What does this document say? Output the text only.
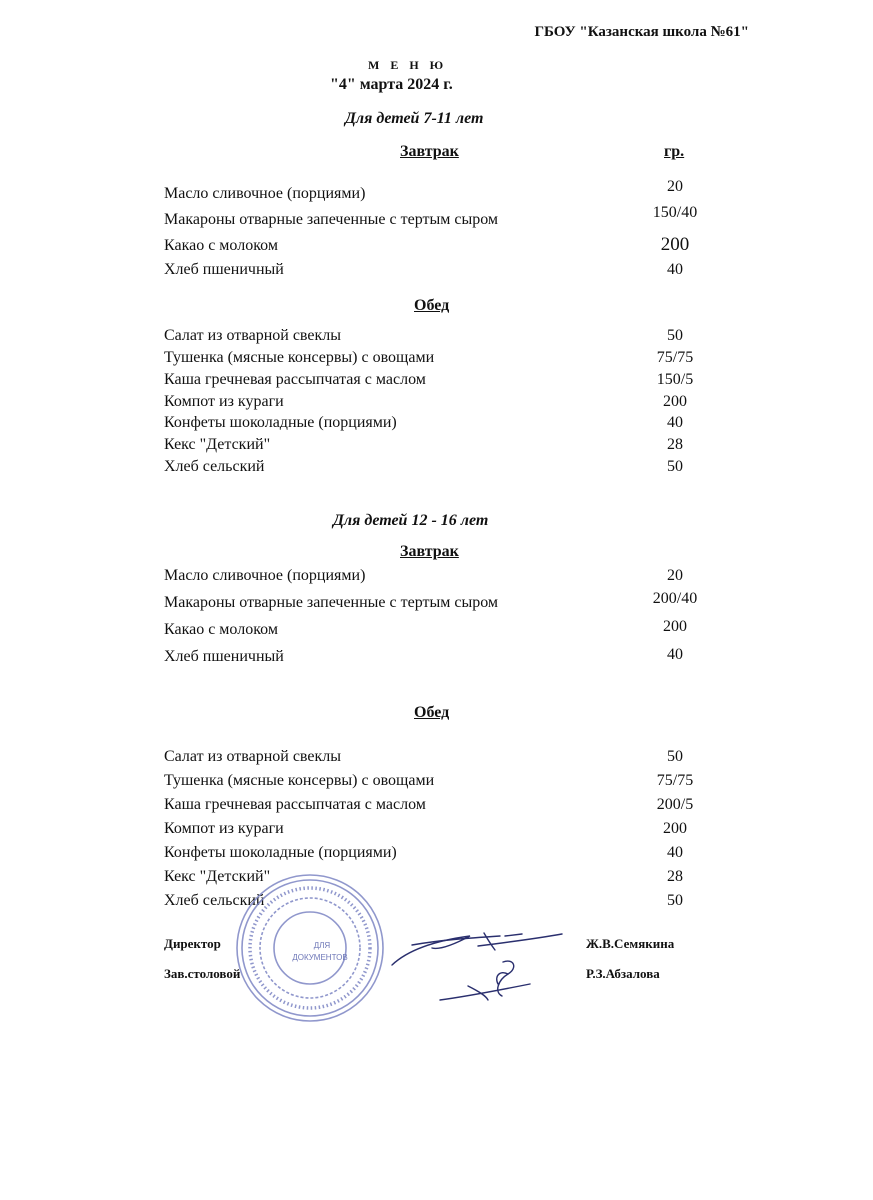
ГБОУ "Казанская школа №61"
М Е Н Ю
"4" марта 2024 г.
Для детей 7-11 лет
Завтрак	гр.
Масло сливочное (порциями)	20
Макароны отварные запеченные с тертым сыром	150/40
Какао с молоком	200
Хлеб пшеничный	40
Обед
Салат из отварной свеклы	50
Тушенка (мясные консервы) с овощами	75/75
Каша гречневая рассыпчатая с маслом	150/5
Компот из кураги	200
Конфеты шоколадные (порциями)	40
Кекс "Детский"	28
Хлеб сельский	50
Для детей 12 - 16 лет
Завтрак
Масло сливочное (порциями)	20
Макароны отварные запеченные с тертым сыром	200/40
Какао с молоком	200
Хлеб пшеничный	40
Обед
Салат из отварной свеклы	50
Тушенка (мясные консервы) с овощами	75/75
Каша гречневая рассыпчатая с маслом	200/5
Компот из кураги	200
Конфеты шоколадные (порциями)	40
Кекс "Детский"	28
Хлеб сельский	50
Директор	Ж.В.Семякина
Зав.столовой	Р.З.Абзалова
ДЛЯ
ДОКУМЕНТОВ
